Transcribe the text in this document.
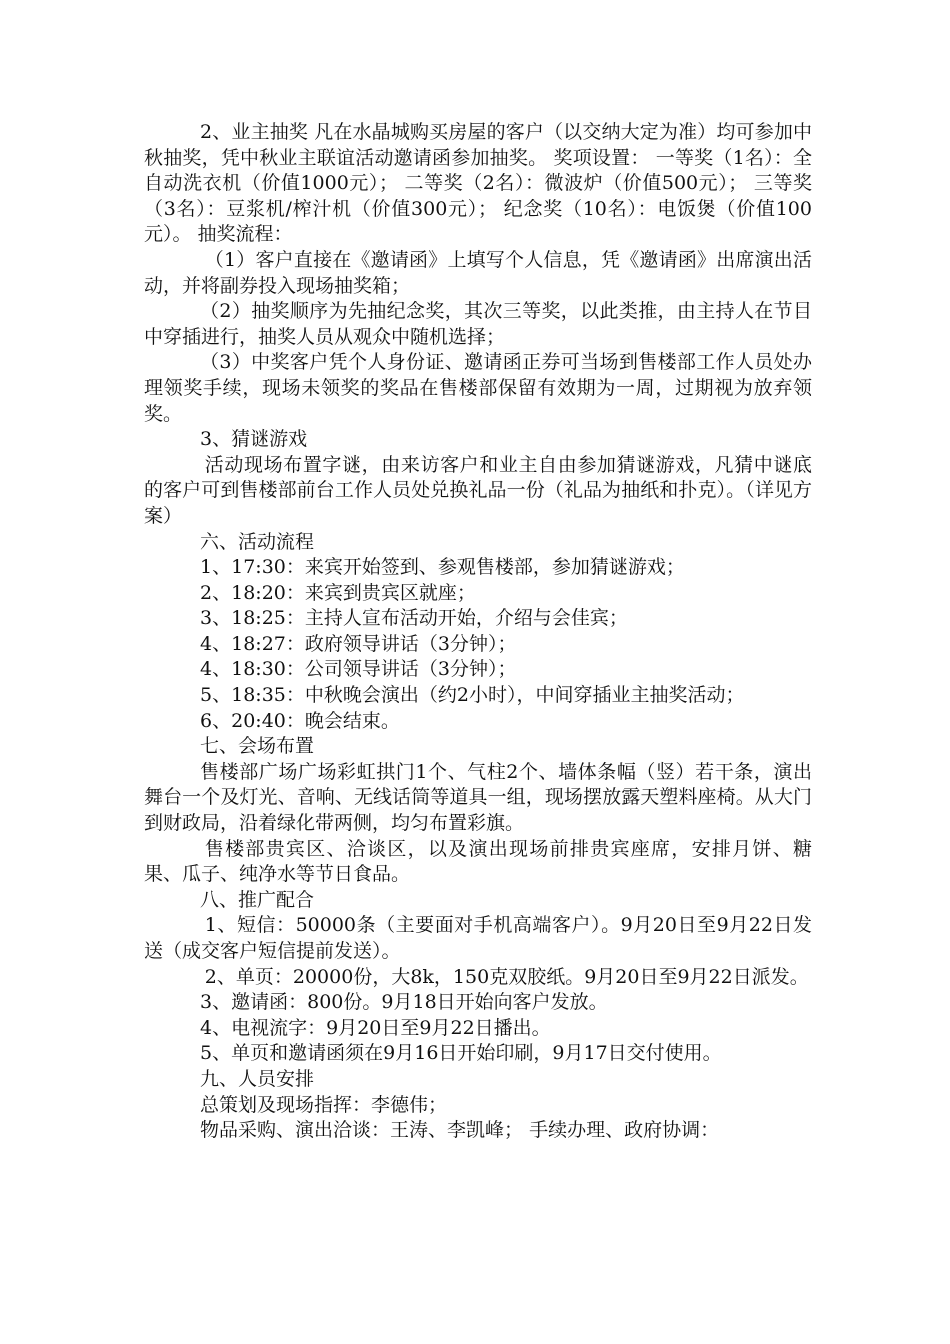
2、业主抽奖 凡在水晶城购买房屋的客户（以交纳大定为准）均可参加中秋抽奖，凭中秋业主联谊活动邀请函参加抽奖。 奖项设置： 一等奖（1名）：全自动洗衣机（价值1000元）； 二等奖（2名）：微波炉（价值500元）； 三等奖（3名）：豆浆机/榨汁机（价值300元）； 纪念奖（10名）：电饭煲（价值100元）。 抽奖流程：

（1）客户直接在《邀请函》上填写个人信息，凭《邀请函》出席演出活动，并将副券投入现场抽奖箱；

（2）抽奖顺序为先抽纪念奖，其次三等奖，以此类推，由主持人在节目中穿插进行，抽奖人员从观众中随机选择；

（3）中奖客户凭个人身份证、邀请函正券可当场到售楼部工作人员处办理领奖手续，现场未领奖的奖品在售楼部保留有效期为一周，过期视为放弃领奖。

3、猜谜游戏

活动现场布置字谜，由来访客户和业主自由参加猜谜游戏，凡猜中谜底的客户可到售楼部前台工作人员处兑换礼品一份（礼品为抽纸和扑克）。（详见方案）

六、活动流程

1、17:30：来宾开始签到、参观售楼部，参加猜谜游戏；

2、18:20：来宾到贵宾区就座；

3、18:25：主持人宣布活动开始，介绍与会佳宾；

4、18:27：政府领导讲话（3分钟）；

4、18:30：公司领导讲话（3分钟）；

5、18:35：中秋晚会演出（约2小时），中间穿插业主抽奖活动；

6、20:40：晚会结束。

七、会场布置

售楼部广场广场彩虹拱门1个、气柱2个、墙体条幅（竖）若干条，演出舞台一个及灯光、音响、无线话筒等道具一组，现场摆放露天塑料座椅。从大门到财政局，沿着绿化带两侧，均匀布置彩旗。

售楼部贵宾区、洽谈区，以及演出现场前排贵宾座席，安排月饼、糖果、瓜子、纯净水等节日食品。

八、推广配合

1、短信：50000条（主要面对手机高端客户）。9月20日至9月22日发送（成交客户短信提前发送）。

2、单页：20000份，大8k，150克双胶纸。9月20日至9月22日派发。

3、邀请函：800份。9月18日开始向客户发放。

4、电视流字：9月20日至9月22日播出。

5、单页和邀请函须在9月16日开始印刷，9月17日交付使用。

九、人员安排

总策划及现场指挥：李德伟；

物品采购、演出洽谈：王涛、李凯峰； 手续办理、政府协调：
